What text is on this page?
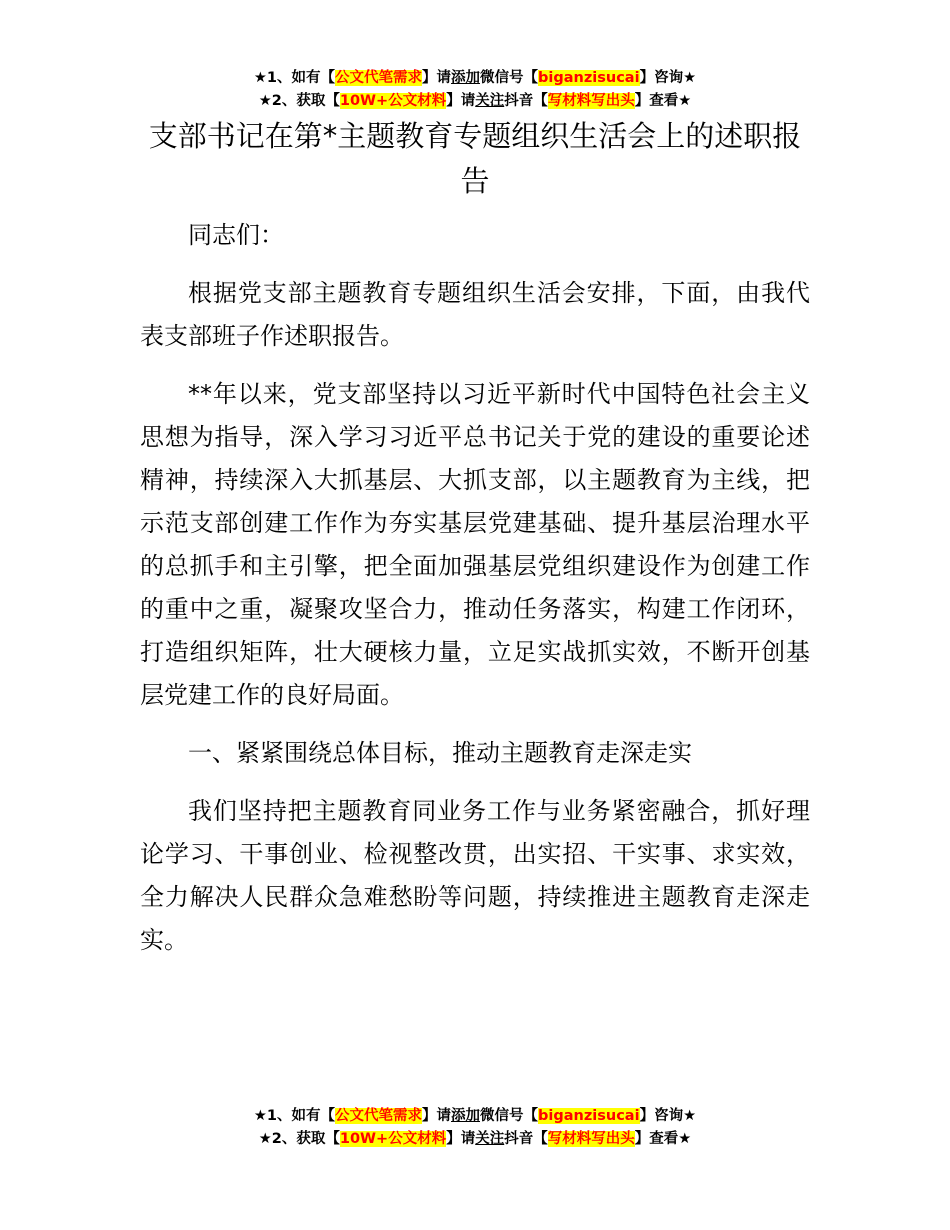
★1、如有【公文代笔需求】请添加微信号【biganzisucai】咨询★
★2、获取【10W+公文材料】请关注抖音【写材料写出头】查看★
支部书记在第*主题教育专题组织生活会上的述职报告

同志们：

根据党支部主题教育专题组织生活会安排，下面，由我代表支部班子作述职报告。

**年以来，党支部坚持以习近平新时代中国特色社会主义思想为指导，深入学习习近平总书记关于党的建设的重要论述精神，持续深入大抓基层、大抓支部，以主题教育为主线，把示范支部创建工作作为夯实基层党建基础、提升基层治理水平的总抓手和主引擎，把全面加强基层党组织建设作为创建工作的重中之重，凝聚攻坚合力，推动任务落实，构建工作闭环，打造组织矩阵，壮大硬核力量，立足实战抓实效，不断开创基层党建工作的良好局面。

一、紧紧围绕总体目标，推动主题教育走深走实

我们坚持把主题教育同业务工作与业务紧密融合，抓好理论学习、干事创业、检视整改贯，出实招、干实事、求实效，全力解决人民群众急难愁盼等问题，持续推进主题教育走深走实。

★1、如有【公文代笔需求】请添加微信号【biganzisucai】咨询★
★2、获取【10W+公文材料】请关注抖音【写材料写出头】查看★
